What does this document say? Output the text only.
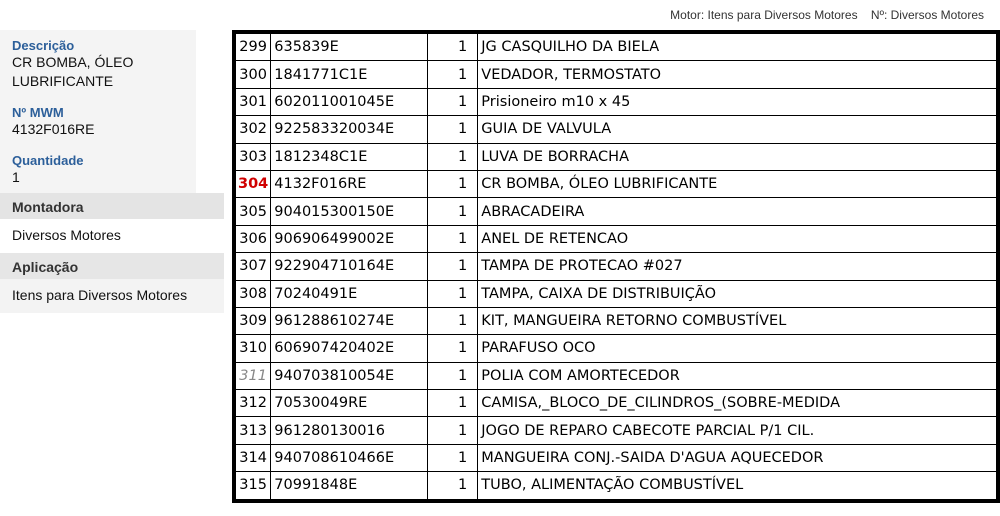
Motor: Itens para Diversos Motores Nº: Diversos Motores
Descrição
CR BOMBA, ÓLEO LUBRIFICANTE
Nº MWM
4132F016RE
Quantidade
1
Montadora
Diversos Motores
Aplicação
Itens para Diversos Motores
299	635839E	1	JG CASQUILHO DA BIELA
300	1841771C1E	1	VEDADOR, TERMOSTATO
301	602011001045E	1	Prisioneiro m10 x 45
302	922583320034E	1	GUIA DE VALVULA
303	1812348C1E	1	LUVA DE BORRACHA
304	4132F016RE	1	CR BOMBA, ÓLEO LUBRIFICANTE
305	904015300150E	1	ABRACADEIRA
306	906906499002E	1	ANEL DE RETENCAO
307	922904710164E	1	TAMPA DE PROTECAO #027
308	70240491E	1	TAMPA, CAIXA DE DISTRIBUIÇÃO
309	961288610274E	1	KIT, MANGUEIRA RETORNO COMBUSTÍVEL
310	606907420402E	1	PARAFUSO OCO
311	940703810054E	1	POLIA COM AMORTECEDOR
312	70530049RE	1	CAMISA,_BLOCO_DE_CILINDROS_(SOBRE-MEDIDA
313	961280130016	1	JOGO DE REPARO CABECOTE PARCIAL P/1 CIL.
314	940708610466E	1	MANGUEIRA CONJ.-SAIDA D'AGUA AQUECEDOR
315	70991848E	1	TUBO, ALIMENTAÇÃO COMBUSTÍVEL
